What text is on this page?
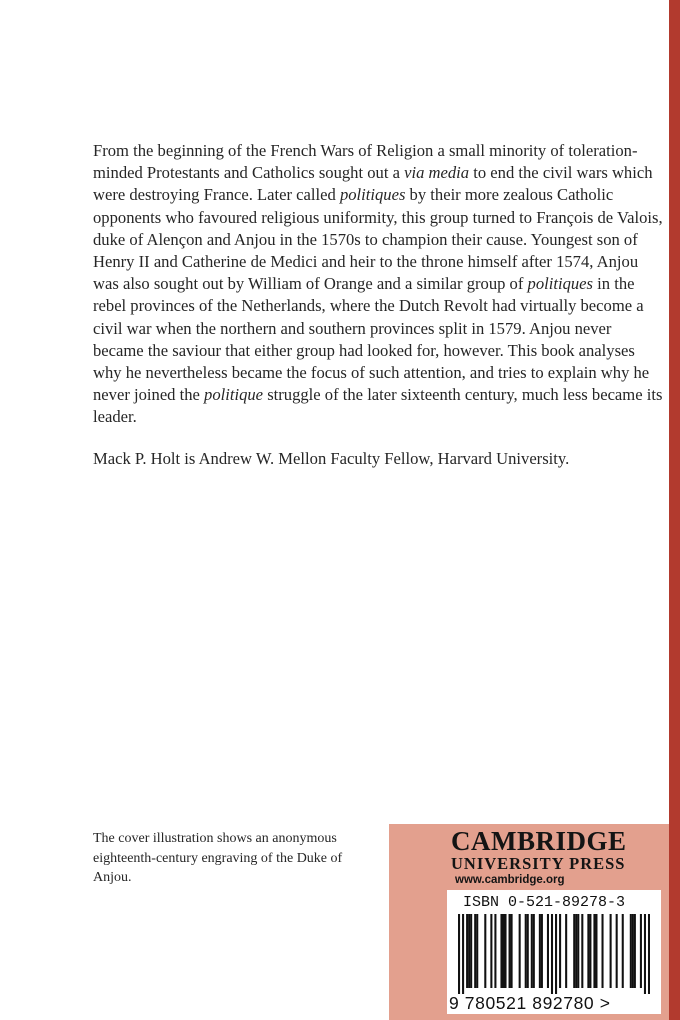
From the beginning of the French Wars of Religion a small minority of toleration-minded Protestants and Catholics sought out a via media to end the civil wars which were destroying France. Later called politiques by their more zealous Catholic opponents who favoured religious uniformity, this group turned to François de Valois, duke of Alençon and Anjou in the 1570s to champion their cause. Youngest son of Henry II and Catherine de Medici and heir to the throne himself after 1574, Anjou was also sought out by William of Orange and a similar group of politiques in the rebel provinces of the Netherlands, where the Dutch Revolt had virtually become a civil war when the northern and southern provinces split in 1579. Anjou never became the saviour that either group had looked for, however. This book analyses why he nevertheless became the focus of such attention, and tries to explain why he never joined the politique struggle of the later sixteenth century, much less became its leader.

Mack P. Holt is Andrew W. Mellon Faculty Fellow, Harvard University.

The cover illustration shows an anonymous eighteenth-century engraving of the Duke of Anjou.
CAMBRIDGE
UNIVERSITY PRESS
www.cambridge.org
ISBN 0-521-89278-3
9 780521 892780 >
